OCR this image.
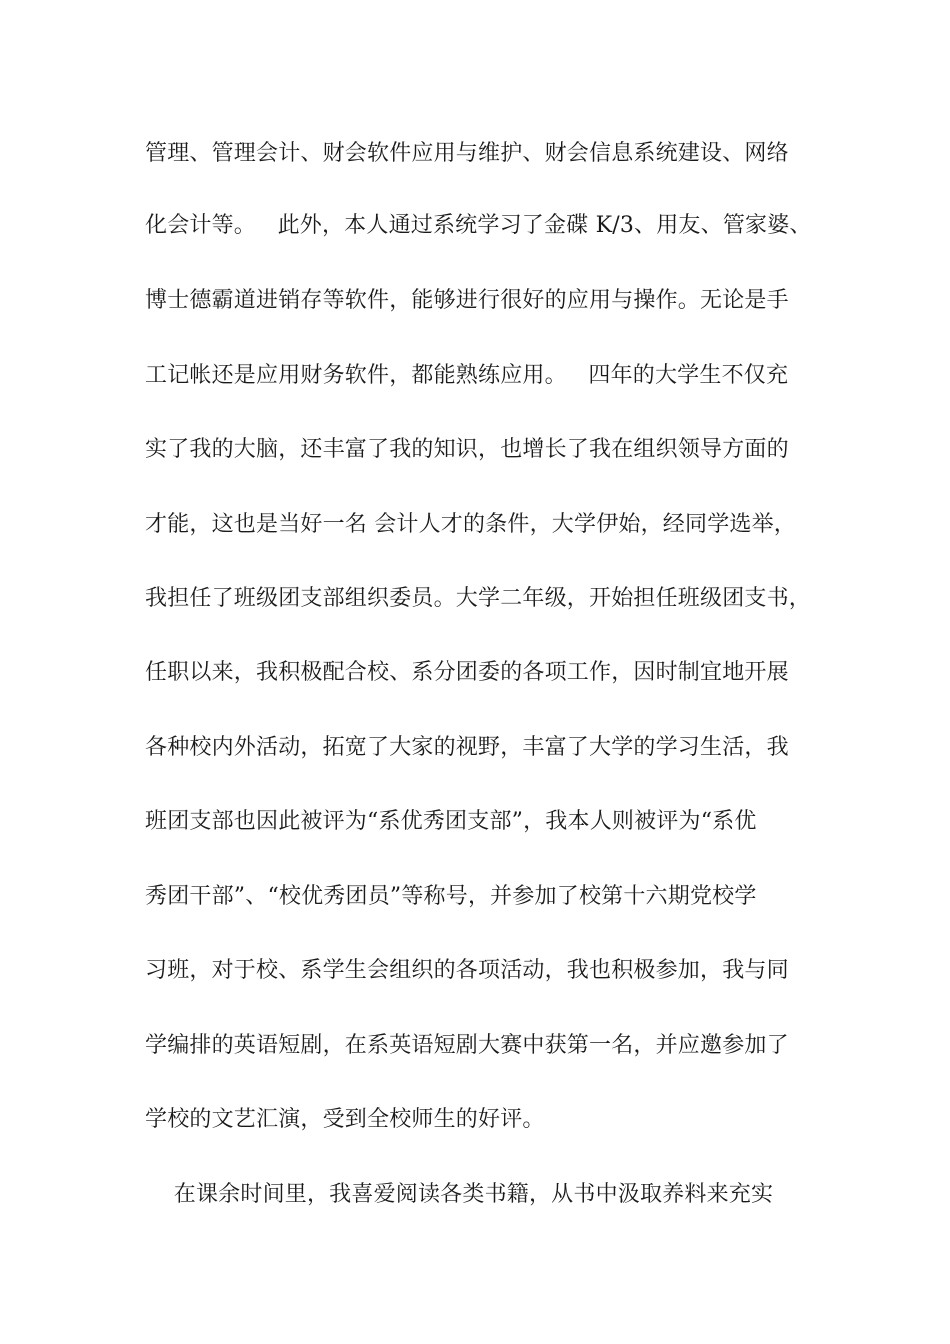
管理、管理会计、财会软件应用与维护、财会信息系统建设、网络
化会计等。   此外，本人通过系统学习了金碟 K/3、用友、管家婆、
博士德霸道进销存等软件，能够进行很好的应用与操作。无论是手
工记帐还是应用财务软件，都能熟练应用。   四年的大学生不仅充
实了我的大脑，还丰富了我的知识，也增长了我在组织领导方面的
才能，这也是当好一名 会计人才的条件，大学伊始，经同学选举，
我担任了班级团支部组织委员。大学二年级，开始担任班级团支书，
任职以来，我积极配合校、系分团委的各项工作，因时制宜地开展
各种校内外活动，拓宽了大家的视野，丰富了大学的学习生活，我
班团支部也因此被评为“系优秀团支部”，我本人则被评为“系优
秀团干部”、“校优秀团员”等称号，并参加了校第十六期党校学
习班，对于校、系学生会组织的各项活动，我也积极参加，我与同
学编排的英语短剧，在系英语短剧大赛中获第一名，并应邀参加了
学校的文艺汇演，受到全校师生的好评。
在课余时间里，我喜爱阅读各类书籍，从书中汲取养料来充实
